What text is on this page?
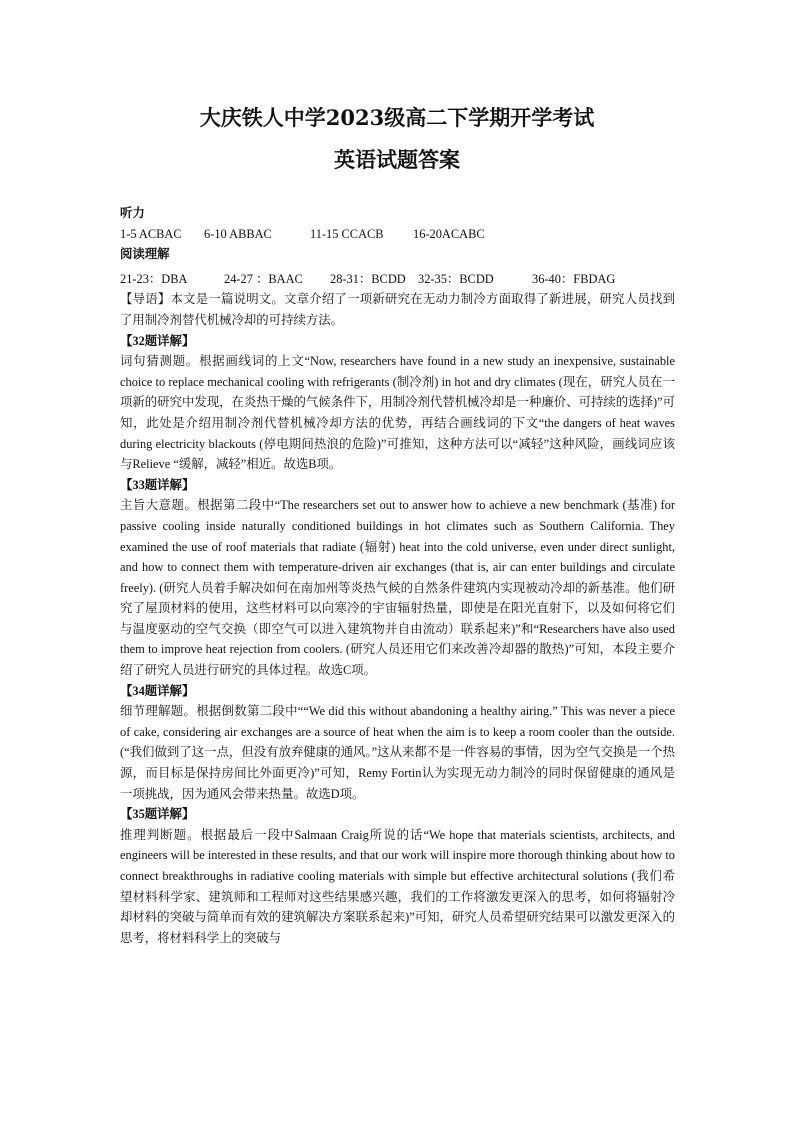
大庆铁人中学2023级高二下学期开学考试
英语试题答案

听力

1-5 ACBAC 6-10 ABBAC	11-15 CCACB 16-20ACABC

阅读理解

21-23：DBA	24-27 ：BAAC 28-31：BCDD 32-35：BCDD	36-40：FBDAG

【导语】本文是一篇说明文。文章介绍了一项新研究在无动力制冷方面取得了新进展，研究人员找到了用制冷剂替代机械冷却的可持续方法。

【32题详解】

词句猜测题。根据画线词的上文“Now, researchers have found in a new study an inexpensive, sustainable choice to replace mechanical cooling with refrigerants (制冷剂) in hot and dry climates (现在，研究人员在一项新的研究中发现，在炎热干燥的气候条件下，用制冷剂代替机械冷却是一种廉价、可持续的选择)”可知，此处是介绍用制冷剂代替机械冷却方法的优势，再结合画线词的下文“the dangers of heat waves during electricity blackouts (停电期间热浪的危险)”可推知，这种方法可以“减轻”这种风险，画线词应该与Relieve “缓解，减轻”相近。故选B项。

【33题详解】

主旨大意题。根据第二段中“The researchers set out to answer how to achieve a new benchmark (基准) for passive cooling inside naturally conditioned buildings in hot climates such as Southern California. They examined the use of roof materials that radiate (辐射) heat into the cold universe, even under direct sunlight, and how to connect them with temperature-driven air exchanges (that is, air can enter buildings and circulate freely). (研究人员着手解决如何在南加州等炎热气候的自然条件建筑内实现被动冷却的新基准。他们研究了屋顶材料的使用，这些材料可以向寒冷的宇宙辐射热量，即使是在阳光直射下，以及如何将它们与温度驱动的空气交换（即空气可以进入建筑物并自由流动）联系起来)”和“Researchers have also used them to improve heat rejection from coolers. (研究人员还用它们来改善冷却器的散热)”可知，本段主要介绍了研究人员进行研究的具体过程。故选C项。

【34题详解】

细节理解题。根据倒数第二段中““We did this without abandoning a healthy airing.” This was never a piece of cake, considering air exchanges are a source of heat when the aim is to keep a room cooler than the outside. (“我们做到了这一点，但没有放弃健康的通风。”这从来都不是一件容易的事情，因为空气交换是一个热源，而目标是保持房间比外面更冷)”可知，Remy Fortin认为实现无动力制冷的同时保留健康的通风是一项挑战，因为通风会带来热量。故选D项。

【35题详解】

推理判断题。根据最后一段中Salmaan Craig所说的话“We hope that materials scientists, architects, and engineers will be interested in these results, and that our work will inspire more thorough thinking about how to connect breakthroughs in radiative cooling materials with simple but effective architectural solutions (我们希望材料科学家、建筑师和工程师对这些结果感兴趣，我们的工作将激发更深入的思考，如何将辐射冷却材料的突破与简单而有效的建筑解决方案联系起来)”可知，研究人员希望研究结果可以激发更深入的思考，将材料科学上的突破与
